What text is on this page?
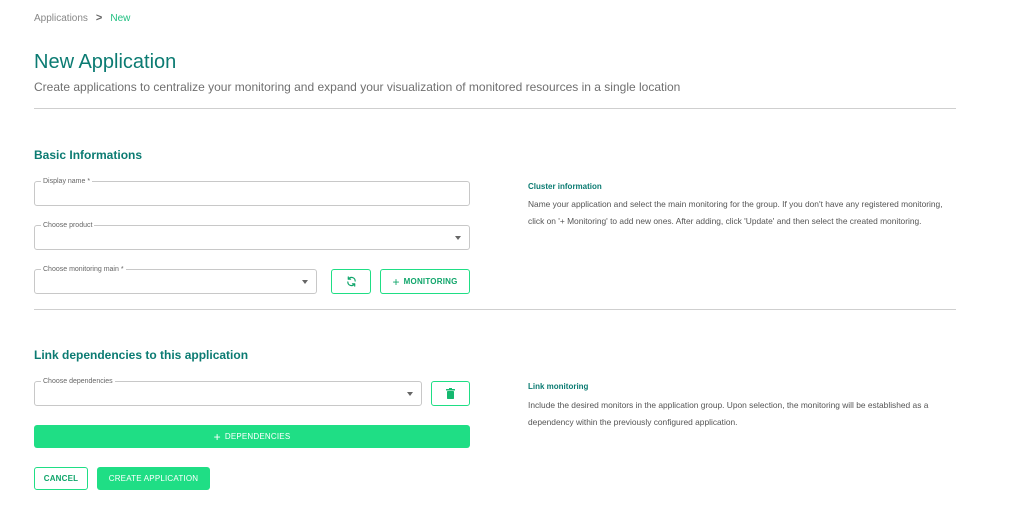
Applications > New
New Application

Create applications to centralize your monitoring and expand your visualization of monitored resources in a single location

Basic Informations
Display name *
Choose product
Choose monitoring main *
+ MONITORING
Cluster information
Name your application and select the main monitoring for the group. If you don't have any registered monitoring, click on '+ Monitoring' to add new ones. After adding, click 'Update' and then select the created monitoring.
Link dependencies to this application
Choose dependencies
+ DEPENDENCIES
Link monitoring
Include the desired monitors in the application group. Upon selection, the monitoring will be established as a dependency within the previously configured application.
CANCEL	CREATE APPLICATION
